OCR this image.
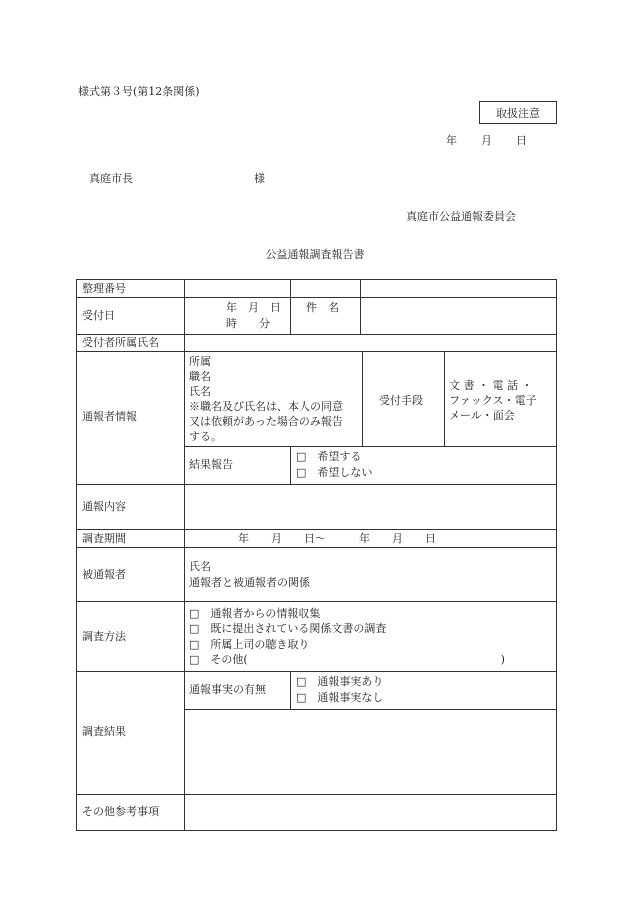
様式第３号(第12条関係)
取扱注意
年 月 日
真庭市長	様
真庭市公益通報委員会
公益通報調査報告書
整理番号
受付日
受付者所属氏名
通報者情報
通報内容
調査期間
被通報者
調査方法
調査結果
その他参考事項
年　月　日
時　　分
件　名
所属
職名
氏名
※職名及び氏名は、本人の同意
又は依頼があった場合のみ報告
する。
受付手段
文 書 ・ 電 話 ・
ファックス・電子
メール・面会
結果報告
□　希望する
□　希望しない
年　　月　　日～　　　年　　月　　日
氏名
通報者と被通報者の関係
□　通報者からの情報収集
□　既に提出されている関係文書の調査
□　所属上司の聴き取り
□　その他(　　　　　　　　　　　　　　　　　　　　　　　)
通報事実の有無
□　通報事実あり
□　通報事実なし
